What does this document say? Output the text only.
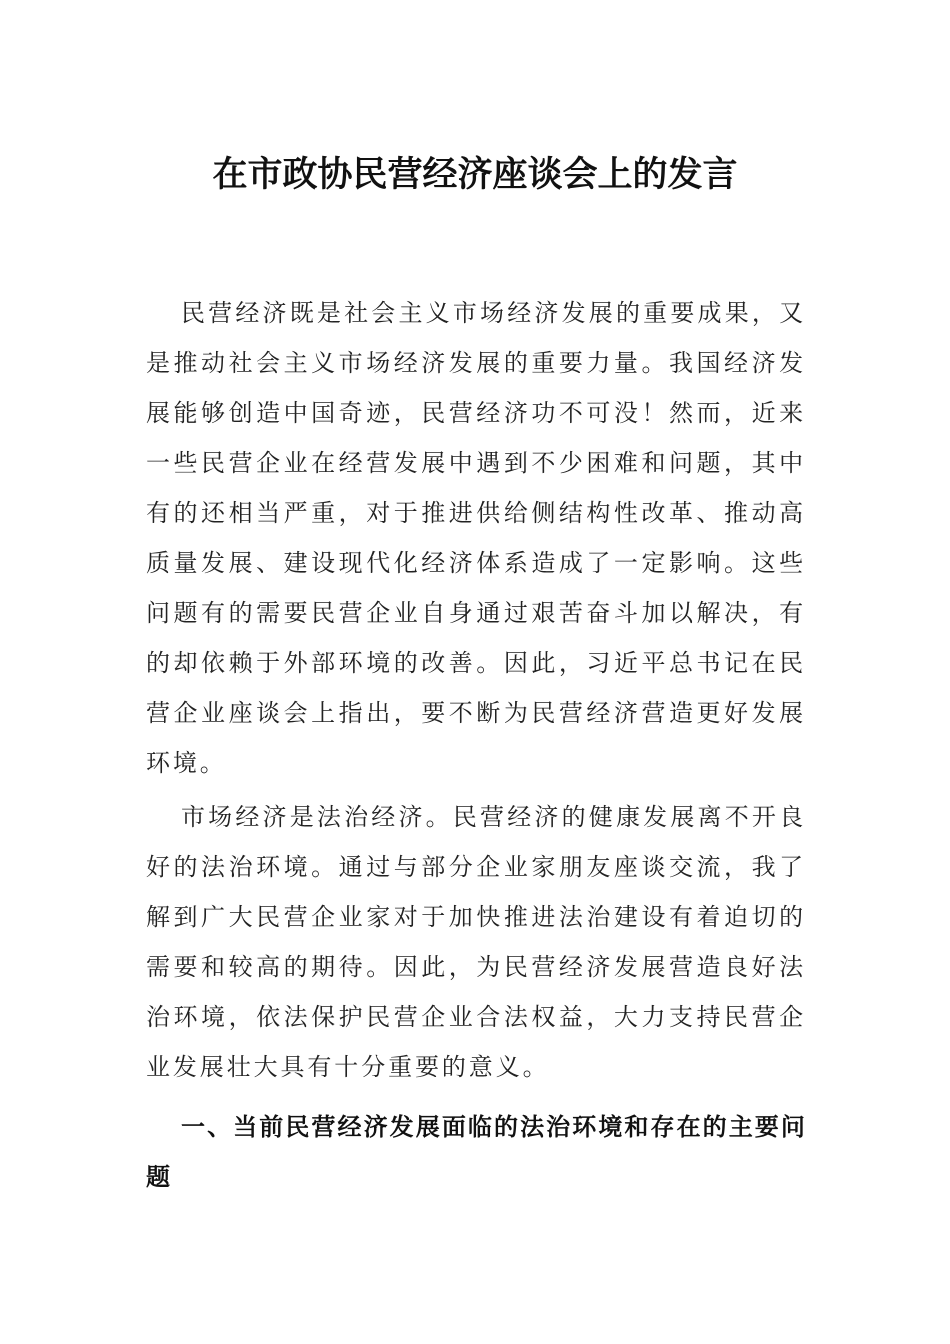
在市政协民营经济座谈会上的发言

民营经济既是社会主义市场经济发展的重要成果，又是推动社会主义市场经济发展的重要力量。我国经济发展能够创造中国奇迹，民营经济功不可没！然而，近来一些民营企业在经营发展中遇到不少困难和问题，其中有的还相当严重，对于推进供给侧结构性改革、推动高质量发展、建设现代化经济体系造成了一定影响。这些问题有的需要民营企业自身通过艰苦奋斗加以解决，有的却依赖于外部环境的改善。因此，习近平总书记在民营企业座谈会上指出，要不断为民营经济营造更好发展环境。

市场经济是法治经济。民营经济的健康发展离不开良好的法治环境。通过与部分企业家朋友座谈交流，我了解到广大民营企业家对于加快推进法治建设有着迫切的需要和较高的期待。因此，为民营经济发展营造良好法治环境，依法保护民营企业合法权益，大力支持民营企业发展壮大具有十分重要的意义。

一、当前民营经济发展面临的法治环境和存在的主要问题
